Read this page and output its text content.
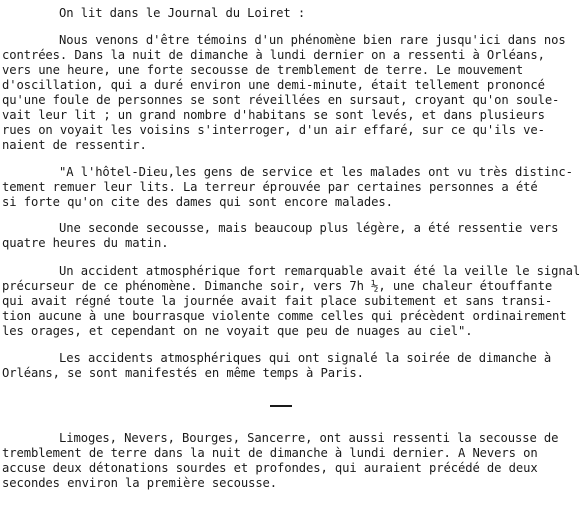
On lit dans le Journal du Loiret :
Nous venons d'être témoins d'un phénomène bien rare jusqu'ici dans nos
contrées. Dans la nuit de dimanche à lundi dernier on a ressenti à Orléans,
vers une heure, une forte secousse de tremblement de terre. Le mouvement
d'oscillation, qui a duré environ une demi-minute, était tellement prononcé
qu'une foule de personnes se sont réveillées en sursaut, croyant qu'on soule-
vait leur lit ; un grand nombre d'habitans se sont levés, et dans plusieurs
rues on voyait les voisins s'interroger, d'un air effaré, sur ce qu'ils ve-
naient de ressentir.
"A l'hôtel-Dieu,les gens de service et les malades ont vu très distinc-
tement remuer leur lits. La terreur éprouvée par certaines personnes a été
si forte qu'on cite des dames qui sont encore malades.
Une seconde secousse, mais beaucoup plus légère, a été ressentie vers
quatre heures du matin.
Un accident atmosphérique fort remarquable avait été la veille le signal
précurseur de ce phénomène. Dimanche soir, vers 7h ½, une chaleur étouffante
qui avait régné toute la journée avait fait place subitement et sans transi-
tion aucune à une bourrasque violente comme celles qui précèdent ordinairement
les orages, et cependant on ne voyait que peu de nuages au ciel".
Les accidents atmosphériques qui ont signalé la soirée de dimanche à
Orléans, se sont manifestés en même temps à Paris.
Limoges, Nevers, Bourges, Sancerre, ont aussi ressenti la secousse de
tremblement de terre dans la nuit de dimanche à lundi dernier. A Nevers on
accuse deux détonations sourdes et profondes, qui auraient précédé de deux
secondes environ la première secousse.
